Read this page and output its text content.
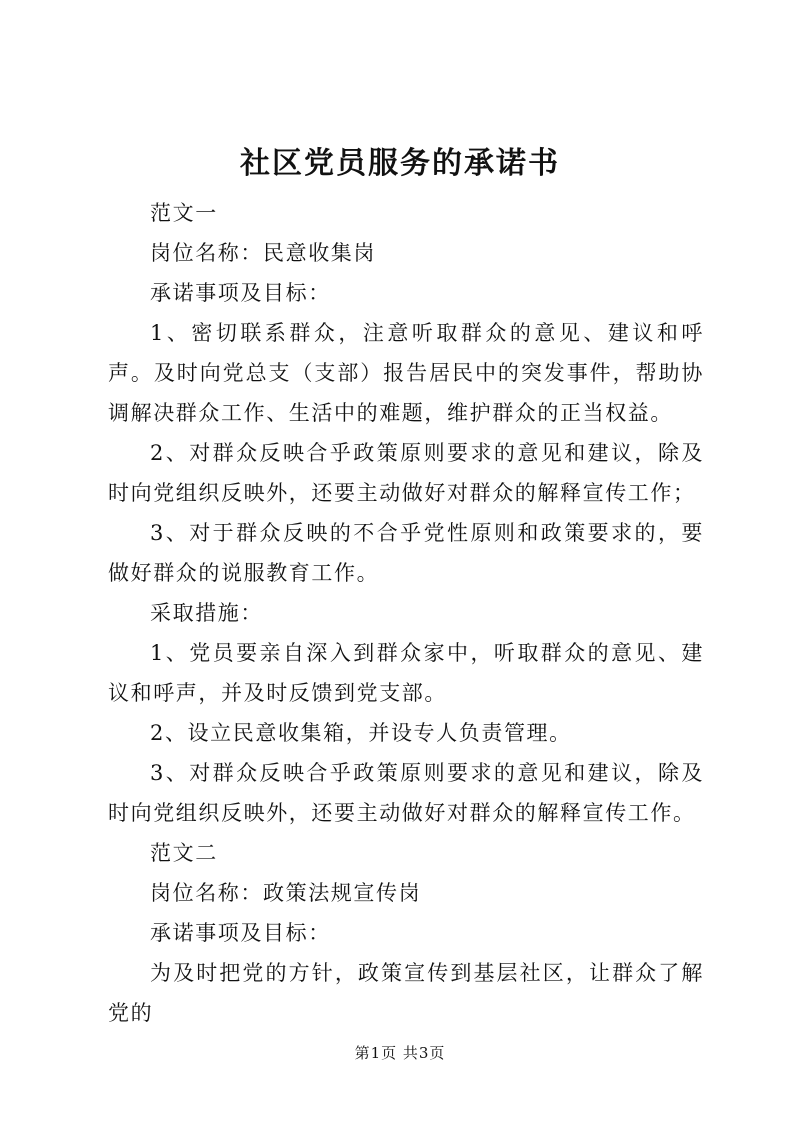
社区党员服务的承诺书

范文一

岗位名称：民意收集岗

承诺事项及目标：

1、密切联系群众，注意听取群众的意见、建议和呼声。及时向党总支（支部）报告居民中的突发事件，帮助协调解决群众工作、生活中的难题，维护群众的正当权益。

2、对群众反映合乎政策原则要求的意见和建议，除及时向党组织反映外，还要主动做好对群众的解释宣传工作；

3、对于群众反映的不合乎党性原则和政策要求的，要做好群众的说服教育工作。

采取措施：

1、党员要亲自深入到群众家中，听取群众的意见、建议和呼声，并及时反馈到党支部。

2、设立民意收集箱，并设专人负责管理。

3、对群众反映合乎政策原则要求的意见和建议，除及时向党组织反映外，还要主动做好对群众的解释宣传工作。

范文二

岗位名称：政策法规宣传岗

承诺事项及目标：

为及时把党的方针，政策宣传到基层社区，让群众了解党的

第1页 共3页
